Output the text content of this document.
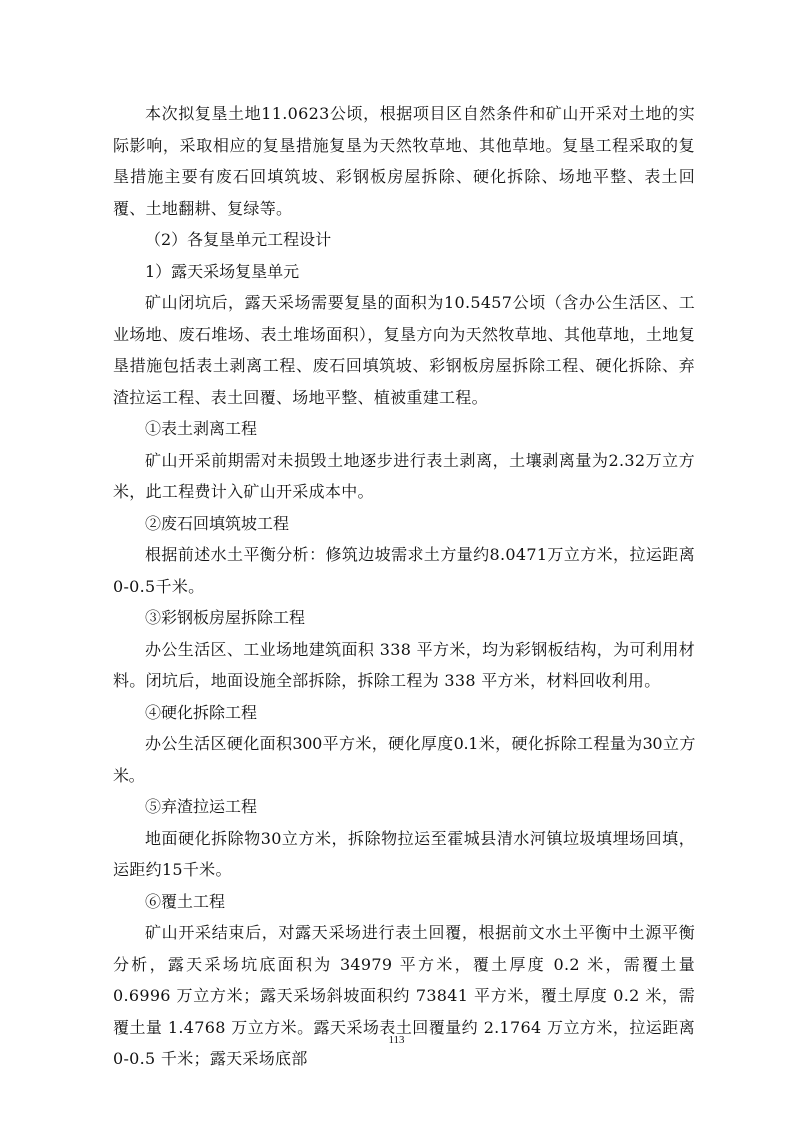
本次拟复垦土地11.0623公顷，根据项目区自然条件和矿山开采对土地的实际影响，采取相应的复垦措施复垦为天然牧草地、其他草地。复垦工程采取的复垦措施主要有废石回填筑坡、彩钢板房屋拆除、硬化拆除、场地平整、表土回覆、土地翻耕、复绿等。

（2）各复垦单元工程设计

1）露天采场复垦单元

矿山闭坑后，露天采场需要复垦的面积为10.5457公顷（含办公生活区、工业场地、废石堆场、表土堆场面积），复垦方向为天然牧草地、其他草地，土地复垦措施包括表土剥离工程、废石回填筑坡、彩钢板房屋拆除工程、硬化拆除、弃渣拉运工程、表土回覆、场地平整、植被重建工程。

①表土剥离工程

矿山开采前期需对未损毁土地逐步进行表土剥离，土壤剥离量为2.32万立方米，此工程费计入矿山开采成本中。

②废石回填筑坡工程

根据前述水土平衡分析：修筑边坡需求土方量约8.0471万立方米，拉运距离0-0.5千米。

③彩钢板房屋拆除工程

办公生活区、工业场地建筑面积 338 平方米，均为彩钢板结构，为可利用材料。闭坑后，地面设施全部拆除，拆除工程为 338 平方米，材料回收利用。

④硬化拆除工程

办公生活区硬化面积300平方米，硬化厚度0.1米，硬化拆除工程量为30立方米。

⑤弃渣拉运工程

地面硬化拆除物30立方米，拆除物拉运至霍城县清水河镇垃圾填埋场回填，运距约15千米。

⑥覆土工程

矿山开采结束后，对露天采场进行表土回覆，根据前文水土平衡中土源平衡分析，露天采场坑底面积为 34979 平方米，覆土厚度 0.2 米，需覆土量 0.6996 万立方米；露天采场斜坡面积约 73841 平方米，覆土厚度 0.2 米，需覆土量 1.4768 万立方米。露天采场表土回覆量约 2.1764 万立方米，拉运距离 0-0.5 千米；露天采场底部

113
